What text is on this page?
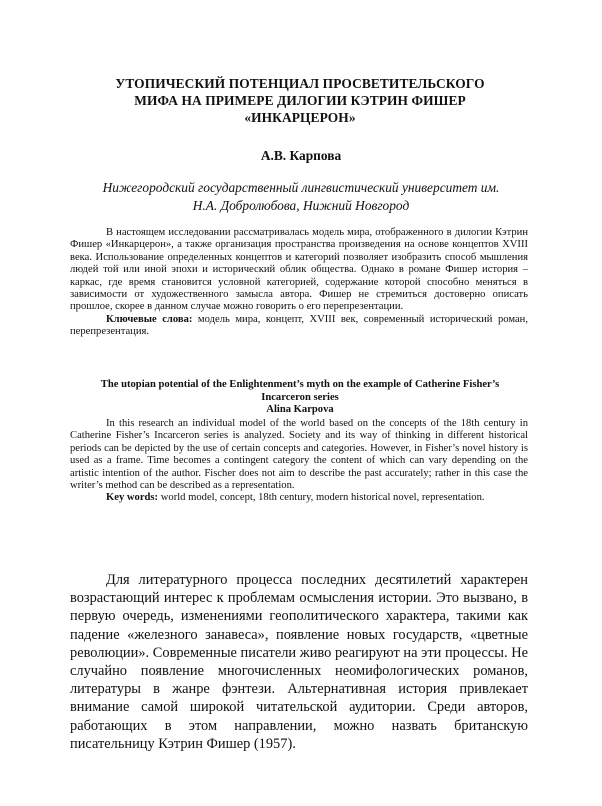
УТОПИЧЕСКИЙ ПОТЕНЦИАЛ ПРОСВЕТИТЕЛЬСКОГО
МИФА НА ПРИМЕРЕ ДИЛОГИИ КЭТРИН ФИШЕР
«ИНКАРЦЕРОН»
А.В. Карпова
Нижегородский государственный лингвистический университет им.
Н.А. Добролюбова, Нижний Новгород

В настоящем исследовании рассматривалась модель мира, отображенного в дилогии Кэтрин Фишер «Инкарцерон», а также организация пространства произведения на основе концептов XVIII века. Использование определенных концептов и категорий позволяет изобразить способ мышления людей той или иной эпохи и исторический облик общества. Однако в романе Фишер история – каркас, где время становится условной категорией, содержание которой способно меняться в зависимости от художественного замысла автора. Фишер не стремиться достоверно описать прошлое, скорее в данном случае можно говорить о его перепрезентации.

Ключевые слова: модель мира, концепт, XVIII век, современный исторический роман, перепрезентация.

The utopian potential of the Enlightenment’s myth on the example of Catherine Fisher’s
Incarceron series
Alina Karpova

In this research an individual model of the world based on the concepts of the 18th century in Catherine Fisher’s Incarceron series is analyzed. Society and its way of thinking in different historical periods can be depicted by the use of certain concepts and categories. However, in Fisher’s novel history is used as a frame. Time becomes a contingent category the content of which can vary depending on the artistic intention of the author. Fischer does not aim to describe the past accurately; rather in this case the writer’s method can be described as a representation.

Key words: world model, concept, 18th century, modern historical novel, representation.

Для литературного процесса последних десятилетий характерен возрастающий интерес к проблемам осмысления истории. Это вызвано, в первую очередь, изменениями геополитического характера, такими как падение «железного занавеса», появление новых государств, «цветные революции». Современные писатели живо реагируют на эти процессы. Не случайно появление многочисленных неомифологических романов, литературы в жанре фэнтези. Альтернативная история привлекает внимание самой широкой читательской аудитории. Среди авторов, работающих в этом направлении, можно назвать британскую писательницу Кэтрин Фишер (1957).
